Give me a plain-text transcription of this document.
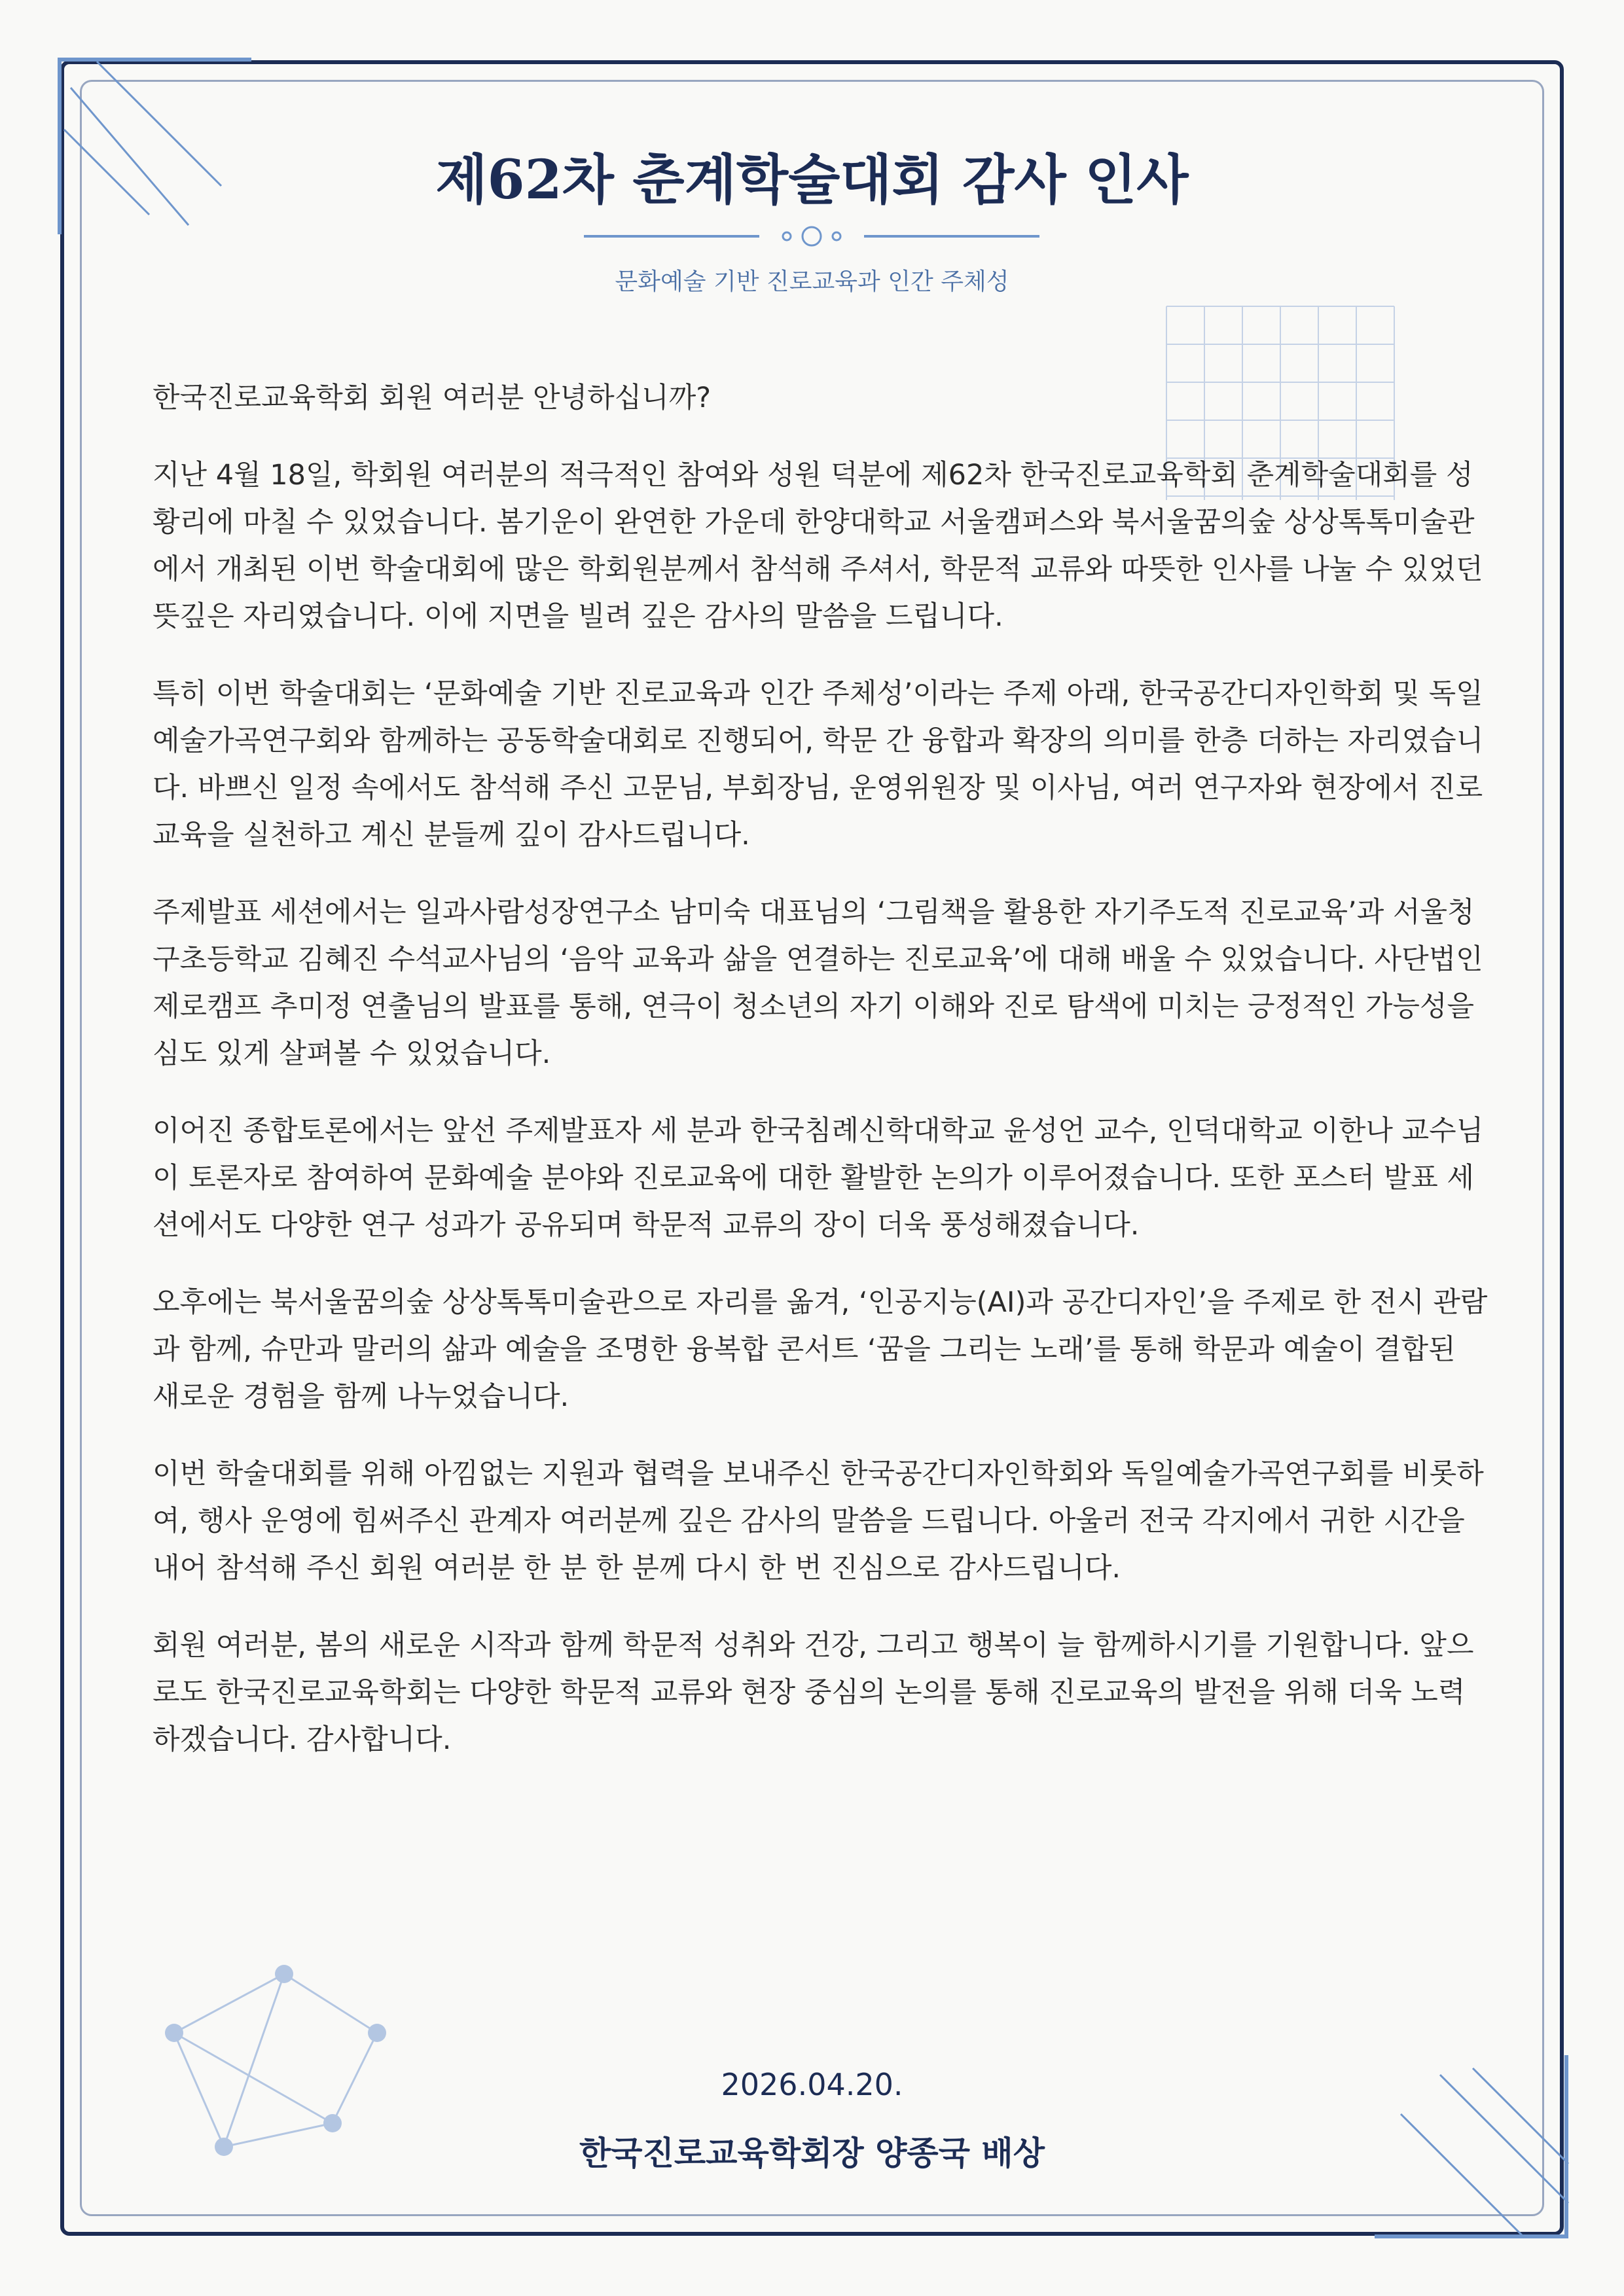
제62차 춘계학술대회 감사 인사
문화예술 기반 진로교육과 인간 주체성

한국진로교육학회 회원 여러분 안녕하십니까?

지난 4월 18일, 학회원 여러분의 적극적인 참여와 성원 덕분에 제62차 한국진로교육학회 춘계학술대회를 성황리에 마칠 수 있었습니다. 봄기운이 완연한 가운데 한양대학교 서울캠퍼스와 북서울꿈의숲 상상톡톡미술관에서 개최된 이번 학술대회에 많은 학회원분께서 참석해 주셔서, 학문적 교류와 따뜻한 인사를 나눌 수 있었던 뜻깊은 자리였습니다. 이에 지면을 빌려 깊은 감사의 말씀을 드립니다.

특히 이번 학술대회는 ‘문화예술 기반 진로교육과 인간 주체성’이라는 주제 아래, 한국공간디자인학회 및 독일예술가곡연구회와 함께하는 공동학술대회로 진행되어, 학문 간 융합과 확장의 의미를 한층 더하는 자리였습니다. 바쁘신 일정 속에서도 참석해 주신 고문님, 부회장님, 운영위원장 및 이사님, 여러 연구자와 현장에서 진로교육을 실천하고 계신 분들께 깊이 감사드립니다.

주제발표 세션에서는 일과사람성장연구소 남미숙 대표님의 ‘그림책을 활용한 자기주도적 진로교육’과 서울청구초등학교 김혜진 수석교사님의 ‘음악 교육과 삶을 연결하는 진로교육’에 대해 배울 수 있었습니다. 사단법인 제로캠프 추미정 연출님의 발표를 통해, 연극이 청소년의 자기 이해와 진로 탐색에 미치는 긍정적인 가능성을 심도 있게 살펴볼 수 있었습니다.

이어진 종합토론에서는 앞선 주제발표자 세 분과 한국침례신학대학교 윤성언 교수, 인덕대학교 이한나 교수님이 토론자로 참여하여 문화예술 분야와 진로교육에 대한 활발한 논의가 이루어졌습니다. 또한 포스터 발표 세션에서도 다양한 연구 성과가 공유되며 학문적 교류의 장이 더욱 풍성해졌습니다.

오후에는 북서울꿈의숲 상상톡톡미술관으로 자리를 옮겨, ‘인공지능(AI)과 공간디자인’을 주제로 한 전시 관람과 함께, 슈만과 말러의 삶과 예술을 조명한 융복합 콘서트 ‘꿈을 그리는 노래’를 통해 학문과 예술이 결합된 새로운 경험을 함께 나누었습니다.

이번 학술대회를 위해 아낌없는 지원과 협력을 보내주신 한국공간디자인학회와 독일예술가곡연구회를 비롯하여, 행사 운영에 힘써주신 관계자 여러분께 깊은 감사의 말씀을 드립니다. 아울러 전국 각지에서 귀한 시간을 내어 참석해 주신 회원 여러분 한 분 한 분께 다시 한 번 진심으로 감사드립니다.

회원 여러분, 봄의 새로운 시작과 함께 학문적 성취와 건강, 그리고 행복이 늘 함께하시기를 기원합니다. 앞으로도 한국진로교육학회는 다양한 학문적 교류와 현장 중심의 논의를 통해 진로교육의 발전을 위해 더욱 노력하겠습니다. 감사합니다.

2026.04.20.
한국진로교육학회장 양종국 배상
